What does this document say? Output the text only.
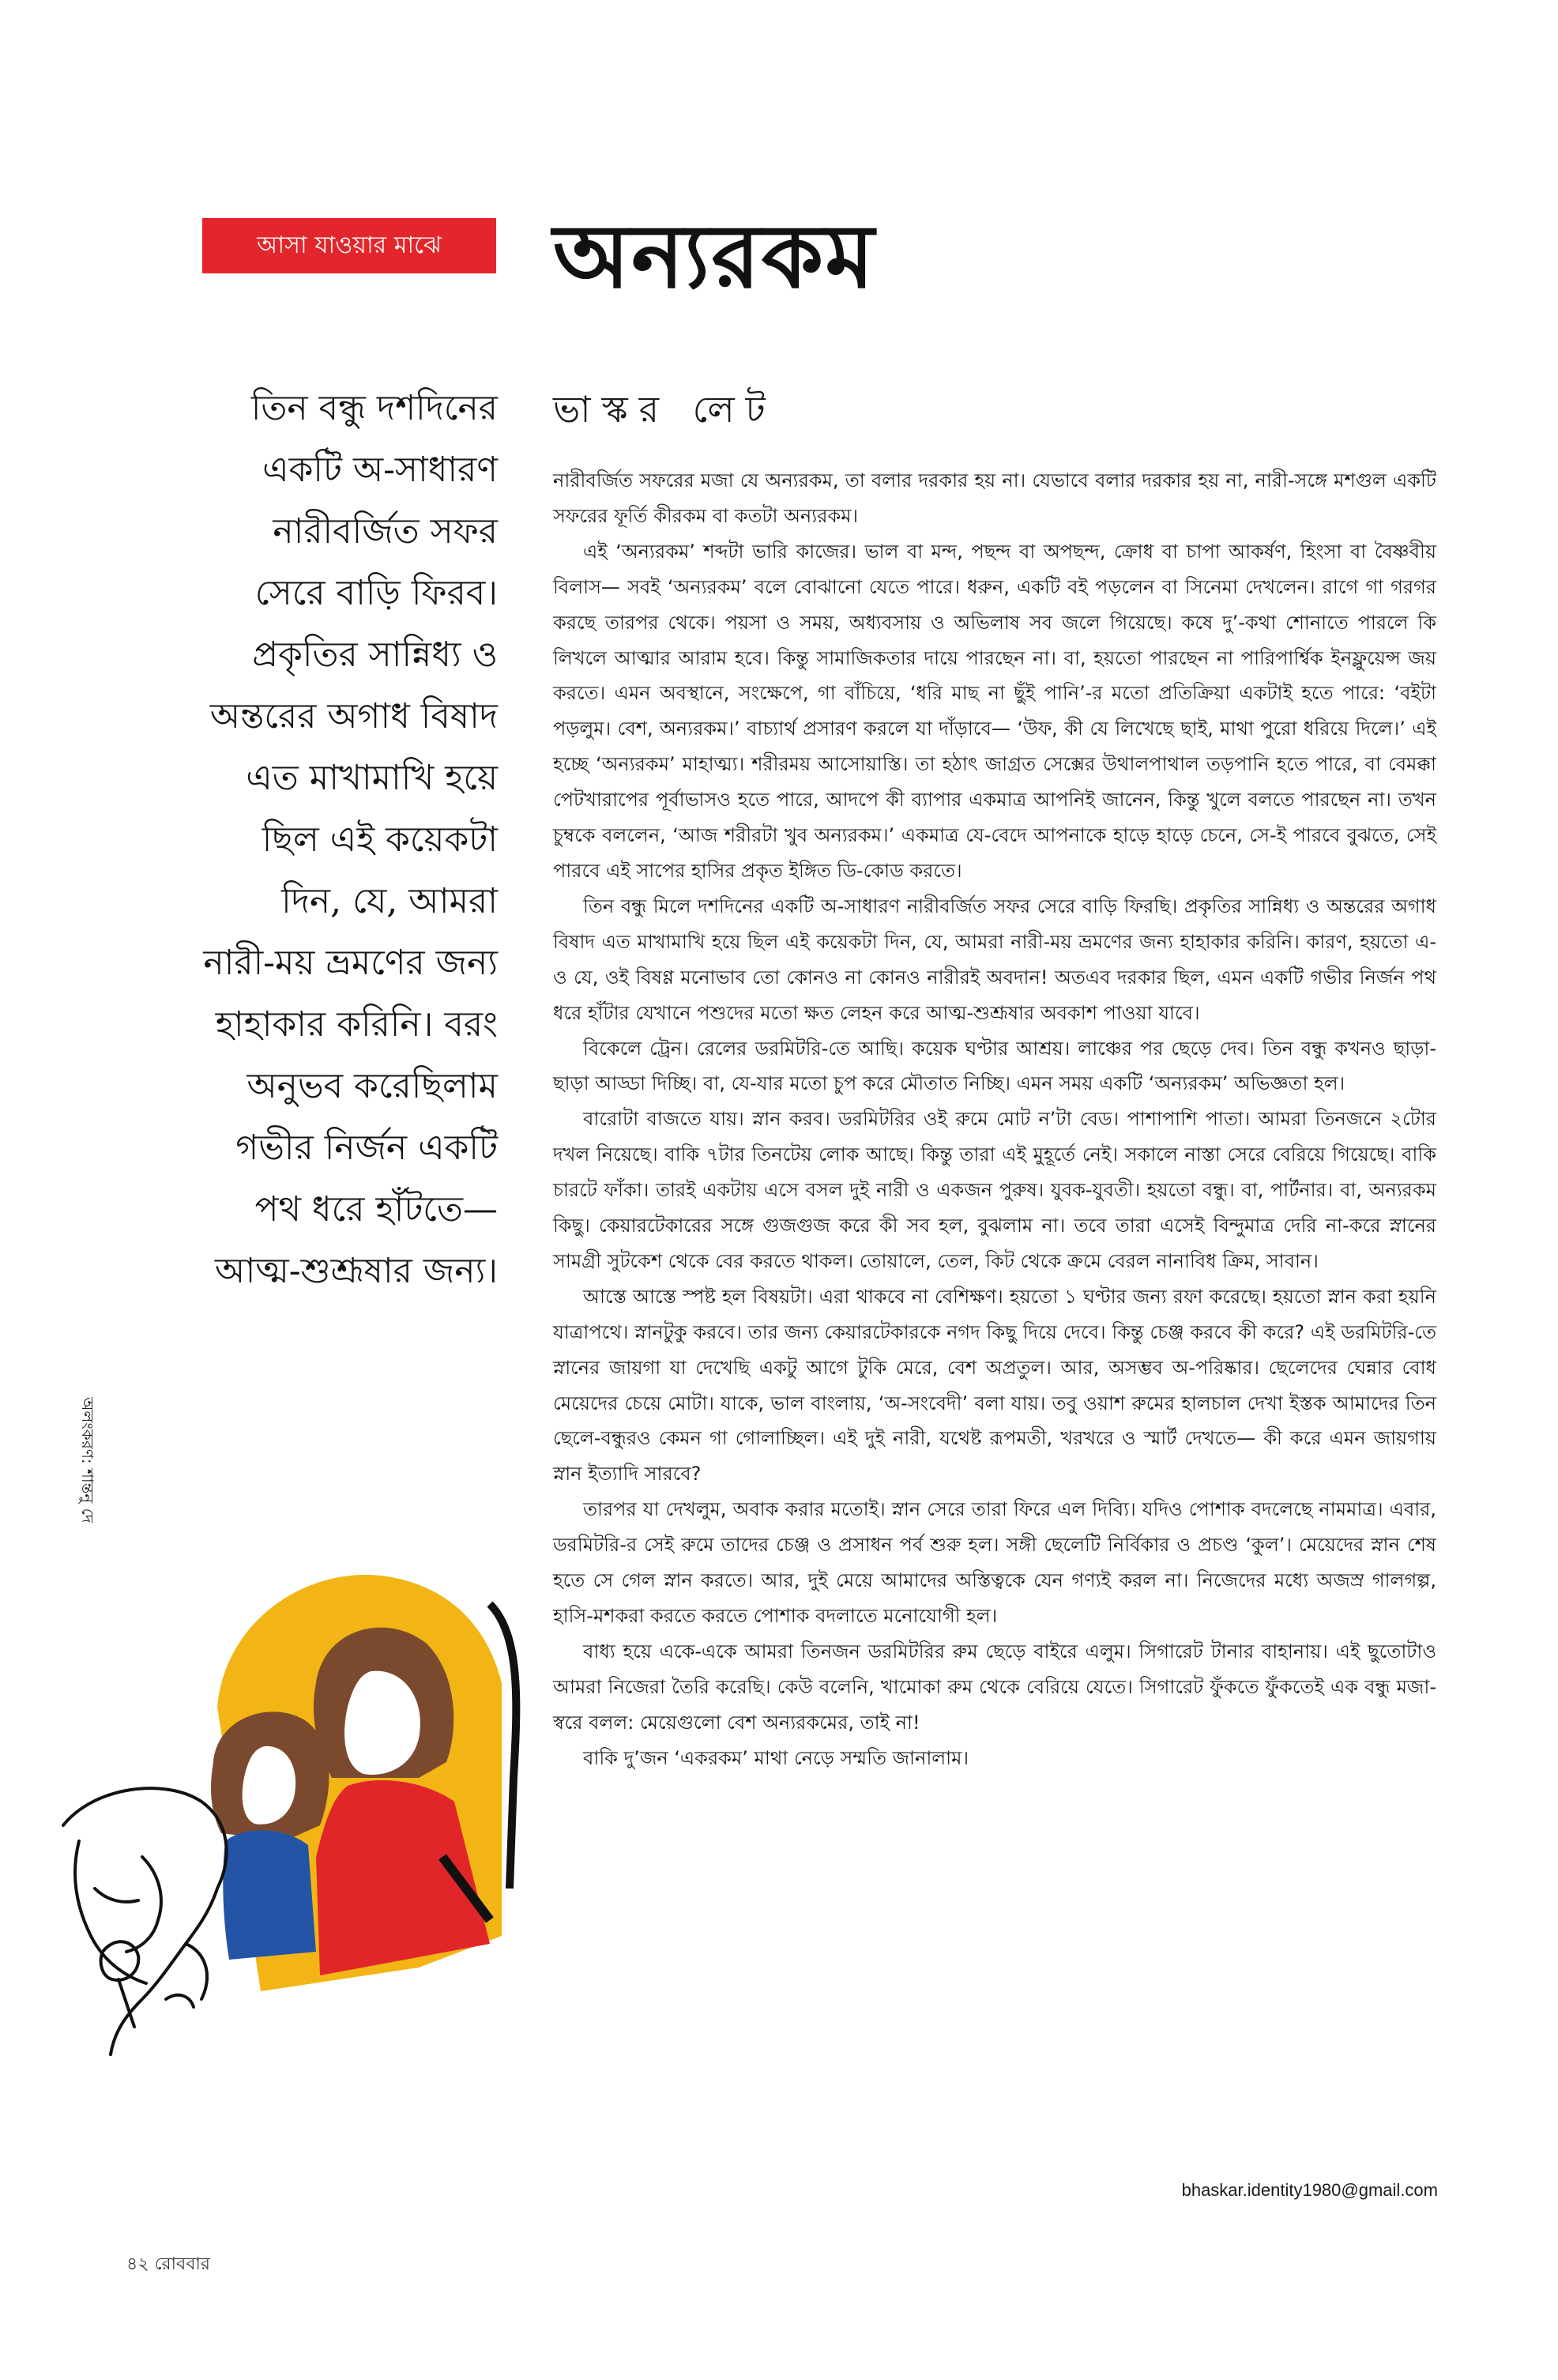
আসা যাওয়ার মাঝে	অন্যরকম
ভাস্কর লেট
তিন বন্ধু দশদিনের
একটি অ-সাধারণ
নারীবর্জিত সফর
সেরে বাড়ি ফিরব।
প্রকৃতির সান্নিধ্য ও
অন্তরের অগাধ বিষাদ
এত মাখামাখি হয়ে
ছিল এই কয়েকটা
দিন, যে, আমরা
নারী-ময় ভ্রমণের জন্য
হাহাকার করিনি। বরং
অনুভব করেছিলাম
গভীর নির্জন একটি
পথ ধরে হাঁটতে—
আত্ম-শুশ্রূষার জন্য।

নারীবর্জিত সফরের মজা যে অন্যরকম, তা বলার দরকার হয় না। যেভাবে বলার দরকার হয় না, নারী-সঙ্গে মশগুল একটি সফরের ফূর্তি কীরকম বা কতটা অন্যরকম।

এই ‘অন্যরকম’ শব্দটা ভারি কাজের। ভাল বা মন্দ, পছন্দ বা অপছন্দ, ক্রোধ বা চাপা আকর্ষণ, হিংসা বা বৈষ্ণবীয় বিলাস— সবই ‘অন্যরকম’ বলে বোঝানো যেতে পারে। ধরুন, একটি বই পড়লেন বা সিনেমা দেখলেন। রাগে গা গরগর করছে তারপর থেকে। পয়সা ও সময়, অধ্যবসায় ও অভিলাষ সব জলে গিয়েছে। কষে দু’-কথা শোনাতে পারলে কি লিখলে আত্মার আরাম হবে। কিন্তু সামাজিকতার দায়ে পারছেন না। বা, হয়তো পারছেন না পারিপার্শ্বিক ইনফ্লুয়েন্স জয় করতে। এমন অবস্থানে, সংক্ষেপে, গা বাঁচিয়ে, ‘ধরি মাছ না ছুঁই পানি’-র মতো প্রতিক্রিয়া একটাই হতে পারে: ‘বইটা পড়লুম। বেশ, অন্যরকম।’ বাচ্যার্থ প্রসারণ করলে যা দাঁড়াবে— ‘উফ, কী যে লিখেছে ছাই, মাথা পুরো ধরিয়ে দিলে।’ এই হচ্ছে ‘অন্যরকম’ মাহাত্ম্য। শরীরময় আসোয়াস্তি। তা হঠাৎ জাগ্রত সেক্সের উথালপাথাল তড়পানি হতে পারে, বা বেমক্কা পেটখারাপের পূর্বাভাসও হতে পারে, আদপে কী ব্যাপার একমাত্র আপনিই জানেন, কিন্তু খুলে বলতে পারছেন না। তখন চুম্বকে বললেন, ‘আজ শরীরটা খুব অন্যরকম।’ একমাত্র যে-বেদে আপনাকে হাড়ে হাড়ে চেনে, সে-ই পারবে বুঝতে, সেই পারবে এই সাপের হাসির প্রকৃত ইঙ্গিত ডি-কোড করতে।

তিন বন্ধু মিলে দশদিনের একটি অ-সাধারণ নারীবর্জিত সফর সেরে বাড়ি ফিরছি। প্রকৃতির সান্নিধ্য ও অন্তরের অগাধ বিষাদ এত মাখামাখি হয়ে ছিল এই কয়েকটা দিন, যে, আমরা নারী-ময় ভ্রমণের জন্য হাহাকার করিনি। কারণ, হয়তো এ-ও যে, ওই বিষণ্ণ মনোভাব তো কোনও না কোনও নারীরই অবদান! অতএব দরকার ছিল, এমন একটি গভীর নির্জন পথ ধরে হাঁটার যেখানে পশুদের মতো ক্ষত লেহন করে আত্ম-শুশ্রূষার অবকাশ পাওয়া যাবে।

বিকেলে ট্রেন। রেলের ডরমিটরি-তে আছি। কয়েক ঘণ্টার আশ্রয়। লাঞ্চের পর ছেড়ে দেব। তিন বন্ধু কখনও ছাড়া-ছাড়া আড্ডা দিচ্ছি। বা, যে-যার মতো চুপ করে মৌতাত নিচ্ছি। এমন সময় একটি ‘অন্যরকম’ অভিজ্ঞতা হল।

বারোটা বাজতে যায়। স্নান করব। ডরমিটরির ওই রুমে মোট ন’টা বেড। পাশাপাশি পাতা। আমরা তিনজনে ২টোর দখল নিয়েছে। বাকি ৭টার তিনটেয় লোক আছে। কিন্তু তারা এই মুহূর্তে নেই। সকালে নাস্তা সেরে বেরিয়ে গিয়েছে। বাকি চারটে ফাঁকা। তারই একটায় এসে বসল দুই নারী ও একজন পুরুষ। যুবক-যুবতী। হয়তো বন্ধু। বা, পার্টনার। বা, অন্যরকম কিছু। কেয়ারটেকারের সঙ্গে গুজগুজ করে কী সব হল, বুঝলাম না। তবে তারা এসেই বিন্দুমাত্র দেরি না-করে স্নানের সামগ্রী সুটকেশ থেকে বের করতে থাকল। তোয়ালে, তেল, কিট থেকে ক্রমে বেরল নানাবিধ ক্রিম, সাবান।

আস্তে আস্তে স্পষ্ট হল বিষয়টা। এরা থাকবে না বেশিক্ষণ। হয়তো ১ ঘণ্টার জন্য রফা করেছে। হয়তো স্নান করা হয়নি যাত্রাপথে। স্নানটুকু করবে। তার জন্য কেয়ারটেকারকে নগদ কিছু দিয়ে দেবে। কিন্তু চেঞ্জ করবে কী করে? এই ডরমিটরি-তে স্নানের জায়গা যা দেখেছি একটু আগে টুকি মেরে, বেশ অপ্রতুল। আর, অসম্ভব অ-পরিষ্কার। ছেলেদের ঘেন্নার বোধ মেয়েদের চেয়ে মোটা। যাকে, ভাল বাংলায়, ‘অ-সংবেদী’ বলা যায়। তবু ওয়াশ রুমের হালচাল দেখা ইস্তক আমাদের তিন ছেলে-বন্ধুরও কেমন গা গোলাচ্ছিল। এই দুই নারী, যথেষ্ট রূপমতী, খরখরে ও স্মার্ট দেখতে— কী করে এমন জায়গায় স্নান ইত্যাদি সারবে?

তারপর যা দেখলুম, অবাক করার মতোই। স্নান সেরে তারা ফিরে এল দিব্যি। যদিও পোশাক বদলেছে নামমাত্র। এবার, ডরমিটরি-র সেই রুমে তাদের চেঞ্জ ও প্রসাধন পর্ব শুরু হল। সঙ্গী ছেলেটি নির্বিকার ও প্রচণ্ড ‘কুল’। মেয়েদের স্নান শেষ হতে সে গেল স্নান করতে। আর, দুই মেয়ে আমাদের অস্তিত্বকে যেন গণ্যই করল না। নিজেদের মধ্যে অজস্র গালগল্প, হাসি-মশকরা করতে করতে পোশাক বদলাতে মনোযোগী হল।

বাধ্য হয়ে একে-একে আমরা তিনজন ডরমিটরির রুম ছেড়ে বাইরে এলুম। সিগারেট টানার বাহানায়। এই ছুতোটাও আমরা নিজেরা তৈরি করেছি। কেউ বলেনি, খামোকা রুম থেকে বেরিয়ে যেতে। সিগারেট ফুঁকতে ফুঁকতেই এক বন্ধু মজা-স্বরে বলল: মেয়েগুলো বেশ অন্যরকমের, তাই না!

বাকি দু’জন ‘একরকম’ মাথা নেড়ে সম্মতি জানালাম।

অলংকরণ: শান্তনু দে
bhaskar.identity1980@gmail.com
৪২ রোববার
